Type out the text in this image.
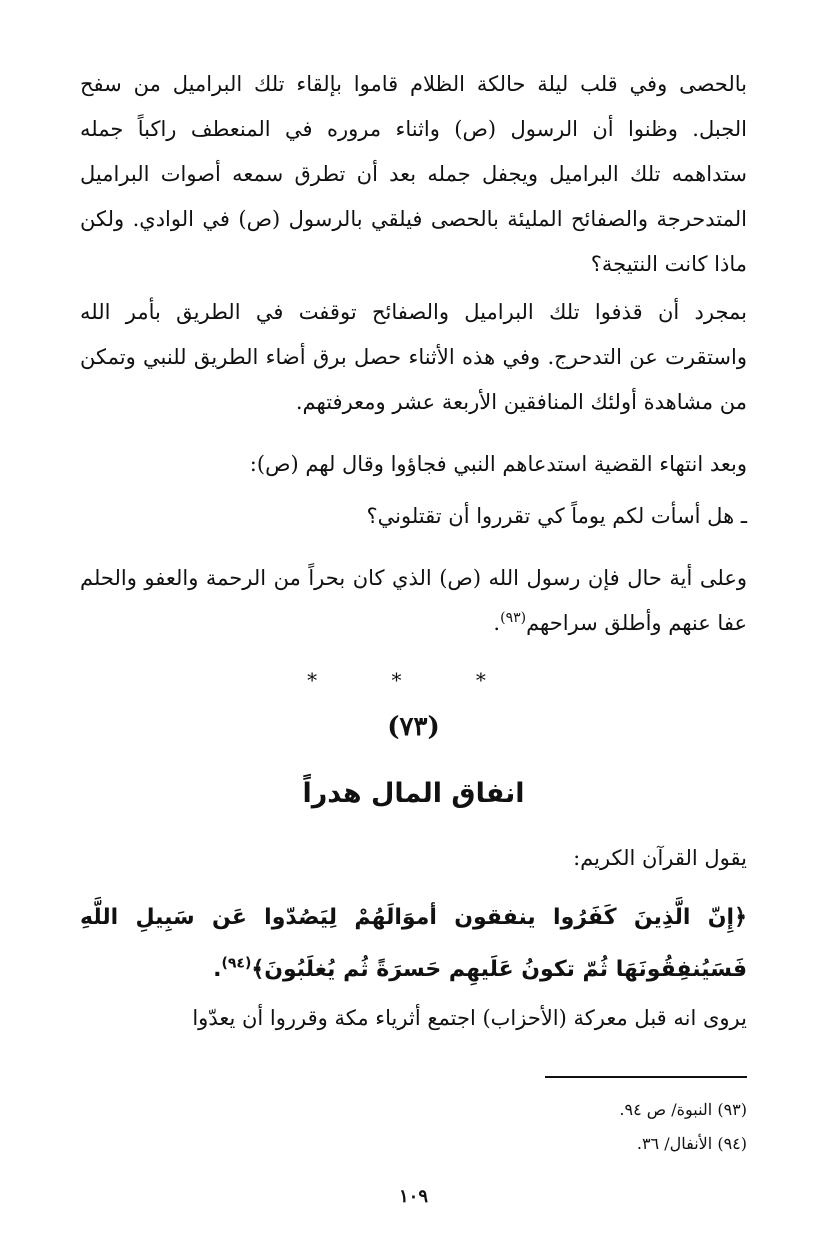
بالحصى وفي قلب ليلة حالكة الظلام قاموا بإلقاء تلك البراميل من سفح الجبل. وظنوا أن الرسول (ص) واثناء مروره في المنعطف راكباً جمله ستداهمه تلك البراميل ويجفل جمله بعد أن تطرق سمعه أصوات البراميل المتدحرجة والصفائح المليئة بالحصى فيلقي بالرسول (ص) في الوادي. ولكن ماذا كانت النتيجة؟

بمجرد أن قذفوا تلك البراميل والصفائح توقفت في الطريق بأمر الله واستقرت عن التدحرج. وفي هذه الأثناء حصل برق أضاء الطريق للنبي وتمكن من مشاهدة أولئك المنافقين الأربعة عشر ومعرفتهم.

وبعد انتهاء القضية استدعاهم النبي فجاؤوا وقال لهم (ص):

ـ هل أسأت لكم يوماً كي تقرروا أن تقتلوني؟

وعلى أية حال فإن رسول الله (ص) الذي كان بحراً من الرحمة والعفو والحلم عفا عنهم وأطلق سراحهم$^{(٩٣)}$.

* * *
(٧٣)
انفاق المال هدراً

يقول القرآن الكريم:

﴿إِنّ الَّذِينَ كَفَرُوا ينفقون أموَالَهُمْ لِيَصُدّوا عَن سَبِيلِ اللَّهِ فَسَيُنفِقُونَهَا ثُمّ تكونُ عَلَيهِم حَسرَةً ثُم يُغلَبُونَ﴾$^{(٩٤)}$.

يروى انه قبل معركة (الأحزاب) اجتمع أثرياء مكة وقرروا أن يعدّوا

(٩٣) النبوة/ ص ٩٤.

(٩٤) الأنفال/ ٣٦.

١٠٩
